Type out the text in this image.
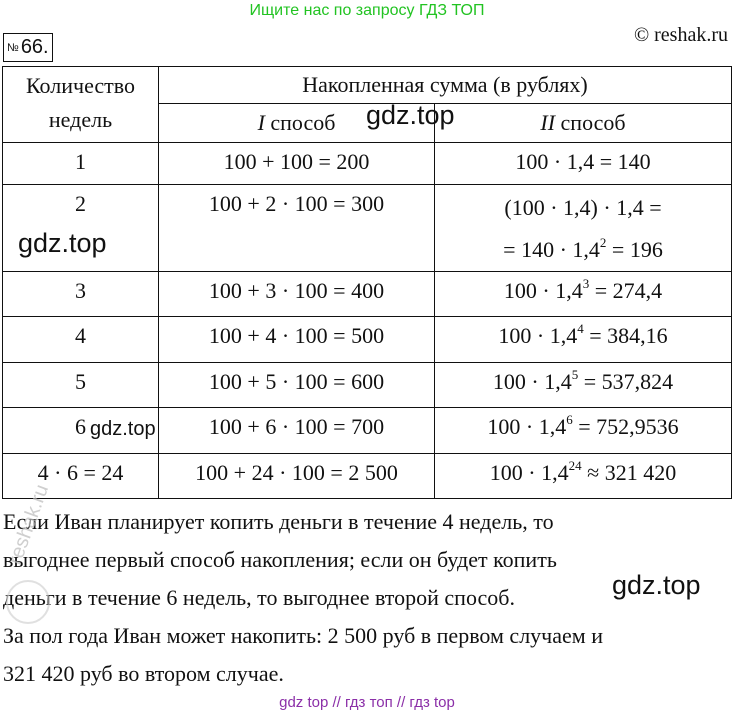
Ищите нас по запросу ГДЗ ТОП
№ 66.
© reshak.ru
Количество недель	Накопленная сумма (в рублях)	
	I способ	II способ
1	100 + 100 = 200	100 · 1,4 = 140
2	100 + 2 · 100 = 300	(100 · 1,4) · 1,4 =
= $140 \cdot 1,4^2 = 196$

3	100 + 3 · 100 = 400	$100 \cdot 1,4^3 = 274,4$
4	100 + 4 · 100 = 500	$100 \cdot 1,4^4 = 384,16$
5	100 + 5 · 100 = 600	$100 \cdot 1,4^5 = 537,824$
6	100 + 6 · 100 = 700	$100 \cdot 1,4^6 = 752,9536$
4 · 6 = 24	100 + 24 · 100 = 2 500	$100 \cdot 1,4^{24} \approx 321$ 420
Если Иван планирует копить деньги в течение 4 недель, то
выгоднее первый способ накопления; если он будет копить
деньги в течение 6 недель, то выгоднее второй способ.
За пол года Иван может накопить: 2 500 руб в первом случаем и
321 420 руб во втором случае.
gdz.top
gdz.top
gdz.top
gdz.top
reshak.ru
gdz top // гдз топ // гдз top
